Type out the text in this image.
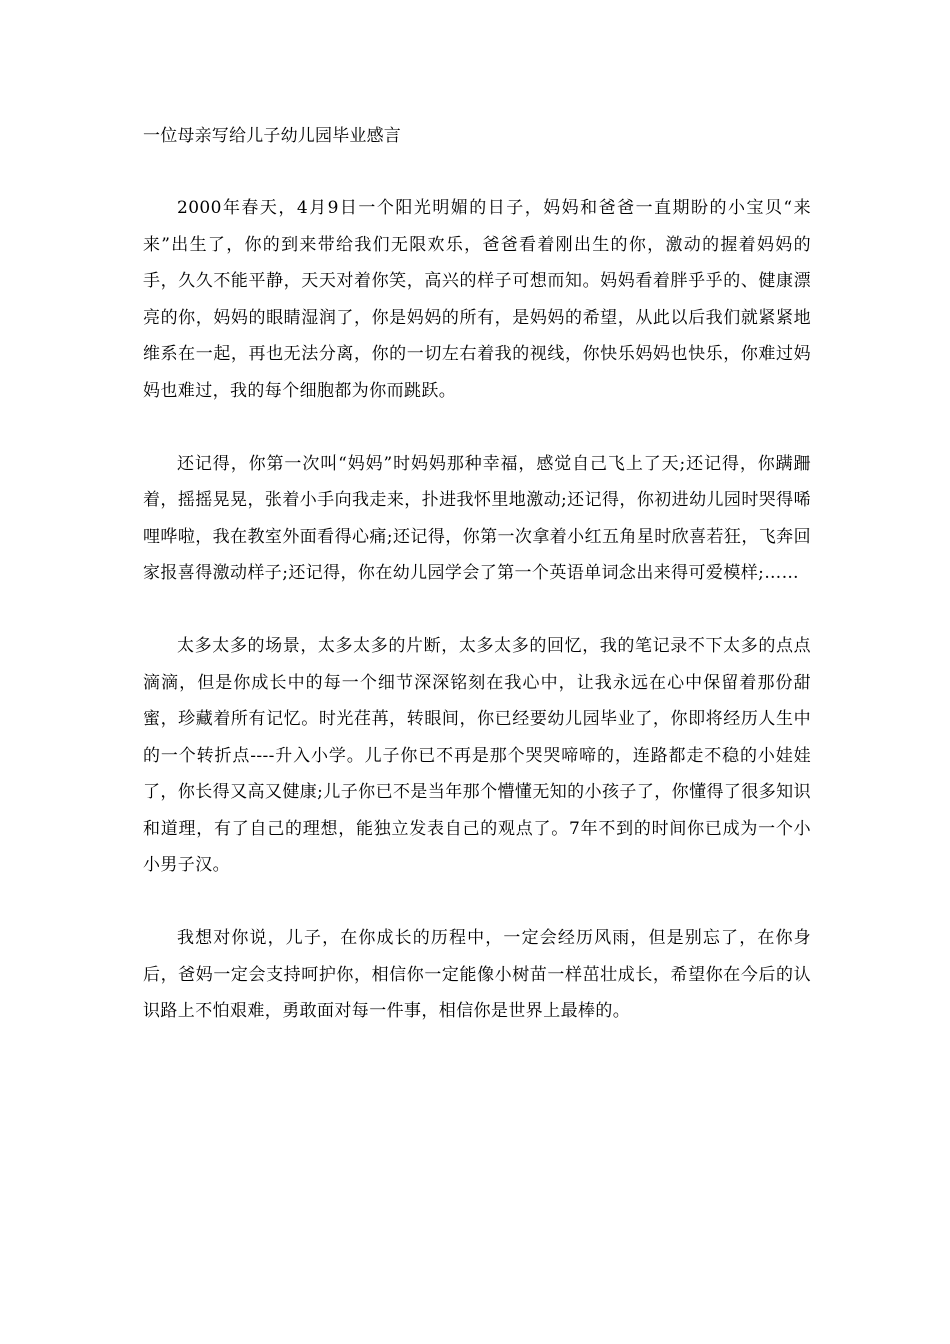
一位母亲写给儿子幼儿园毕业感言

2000年春天，4月9日一个阳光明媚的日子，妈妈和爸爸一直期盼的小宝贝“来来”出生了，你的到来带给我们无限欢乐，爸爸看着刚出生的你，激动的握着妈妈的手，久久不能平静，天天对着你笑，高兴的样子可想而知。妈妈看着胖乎乎的、健康漂亮的你，妈妈的眼睛湿润了，你是妈妈的所有，是妈妈的希望，从此以后我们就紧紧地维系在一起，再也无法分离，你的一切左右着我的视线，你快乐妈妈也快乐，你难过妈妈也难过，我的每个细胞都为你而跳跃。

还记得，你第一次叫“妈妈”时妈妈那种幸福，感觉自己飞上了天;还记得，你蹒跚着，摇摇晃晃，张着小手向我走来，扑进我怀里地激动;还记得，你初进幼儿园时哭得唏哩哗啦，我在教室外面看得心痛;还记得，你第一次拿着小红五角星时欣喜若狂，飞奔回家报喜得激动样子;还记得，你在幼儿园学会了第一个英语单词念出来得可爱模样;……

太多太多的场景，太多太多的片断，太多太多的回忆，我的笔记录不下太多的点点滴滴，但是你成长中的每一个细节深深铭刻在我心中，让我永远在心中保留着那份甜蜜，珍藏着所有记忆。时光荏苒，转眼间，你已经要幼儿园毕业了，你即将经历人生中的一个转折点----升入小学。儿子你已不再是那个哭哭啼啼的，连路都走不稳的小娃娃了，你长得又高又健康;儿子你已不是当年那个懵懂无知的小孩子了，你懂得了很多知识和道理，有了自己的理想，能独立发表自己的观点了。7年不到的时间你已成为一个小小男子汉。

我想对你说，儿子，在你成长的历程中，一定会经历风雨，但是别忘了，在你身后，爸妈一定会支持呵护你，相信你一定能像小树苗一样茁壮成长，希望你在今后的认识路上不怕艰难，勇敢面对每一件事，相信你是世界上最棒的。
